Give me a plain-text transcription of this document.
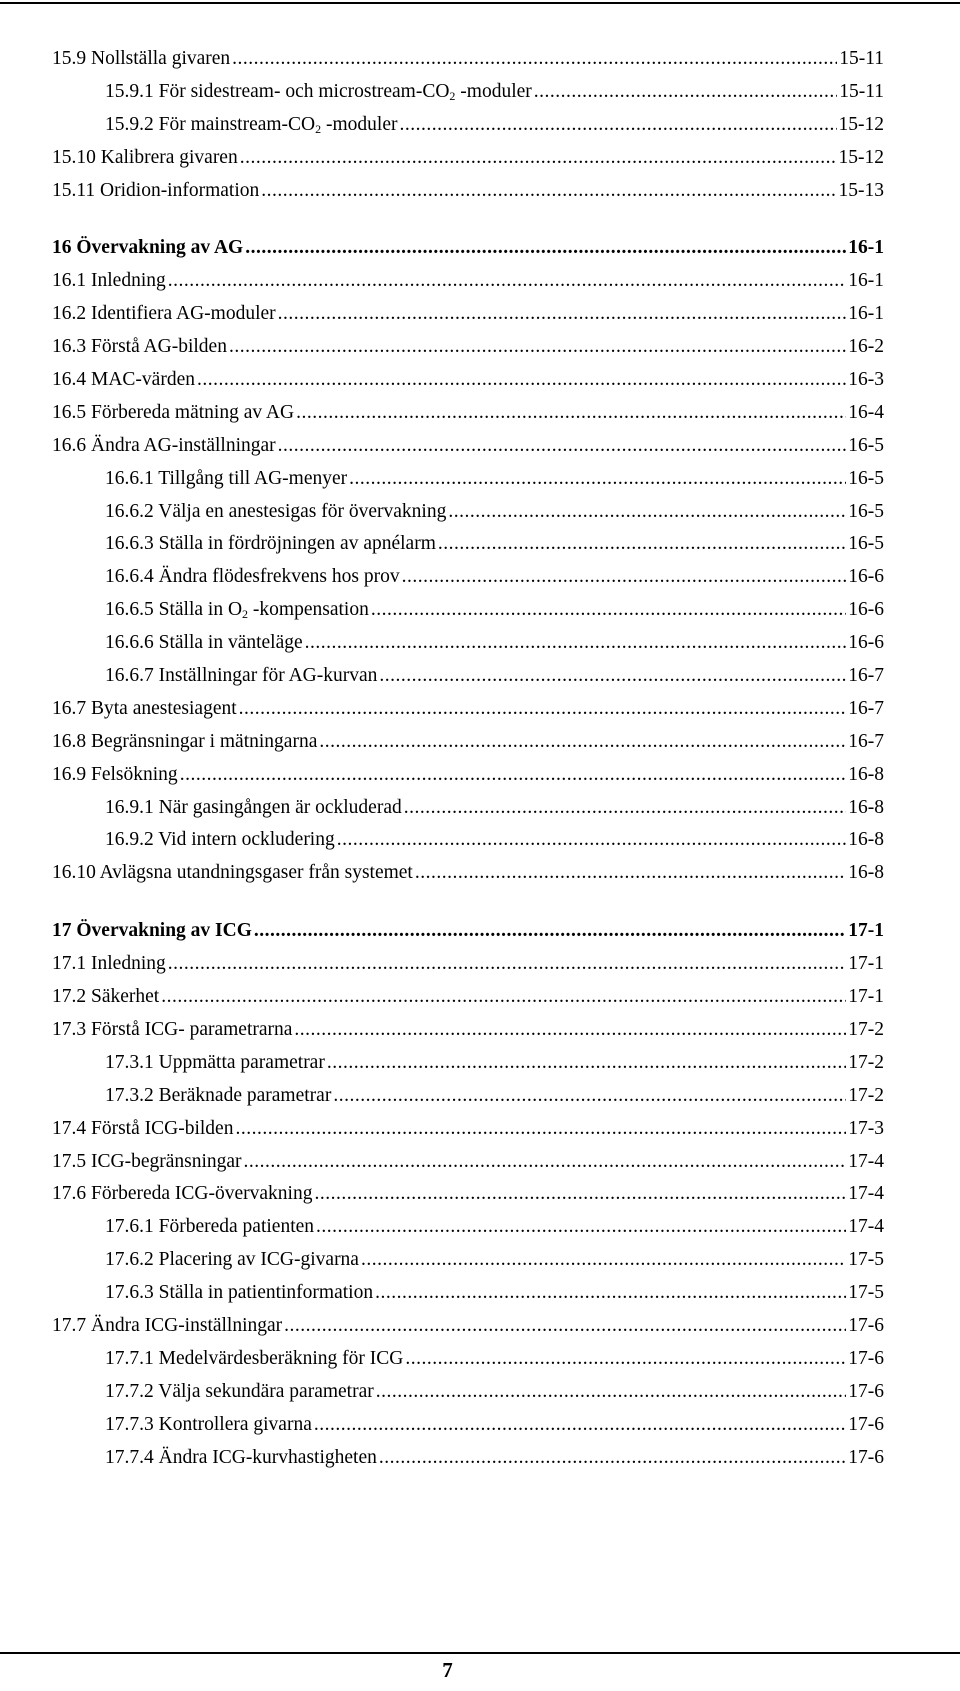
15.9 Nollställa givaren .....	15-11
15.9.1 För sidestream- och microstream-$CO_2$ -moduler .....	15-11
15.9.2 För mainstream-$CO_2$ -moduler .....	15-12
15.10 Kalibrera givaren .....	15-12
15.11 Oridion-information .....	15-13
16 Övervakning av AG .....	16-1
16.1 Inledning .....	16-1
16.2 Identifiera AG-moduler .....	16-1
16.3 Förstå AG-bilden .....	16-2
16.4 MAC-värden .....	16-3
16.5 Förbereda mätning av AG .....	16-4
16.6 Ändra AG-inställningar .....	16-5
16.6.1 Tillgång till AG-menyer .....	16-5
16.6.2 Välja en anestesigas för övervakning .....	16-5
16.6.3 Ställa in fördröjningen av apnélarm .....	16-5
16.6.4 Ändra flödesfrekvens hos prov .....	16-6
16.6.5 Ställa in $O_2$ -kompensation .....	16-6
16.6.6 Ställa in vänteläge .....	16-6
16.6.7 Inställningar för AG-kurvan .....	16-7
16.7 Byta anestesiagent .....	16-7
16.8 Begränsningar i mätningarna .....	16-7
16.9 Felsökning .....	16-8
16.9.1 När gasingången är ockluderad .....	16-8
16.9.2 Vid intern ockludering .....	16-8
16.10 Avlägsna utandningsgaser från systemet .....	16-8
17 Övervakning av ICG .....	17-1
17.1 Inledning .....	17-1
17.2 Säkerhet .....	17-1
17.3 Förstå ICG- parametrarna .....	17-2
17.3.1 Uppmätta parametrar .....	17-2
17.3.2 Beräknade parametrar .....	17-2
17.4 Förstå ICG-bilden .....	17-3
17.5 ICG-begränsningar .....	17-4
17.6 Förbereda ICG-övervakning .....	17-4
17.6.1 Förbereda patienten .....	17-4
17.6.2 Placering av ICG-givarna .....	17-5
17.6.3 Ställa in patientinformation .....	17-5
17.7 Ändra ICG-inställningar .....	17-6
17.7.1 Medelvärdesberäkning för ICG .....	17-6
17.7.2 Välja sekundära parametrar .....	17-6
17.7.3 Kontrollera givarna .....	17-6
17.7.4 Ändra ICG-kurvhastigheten .....	17-6
7
